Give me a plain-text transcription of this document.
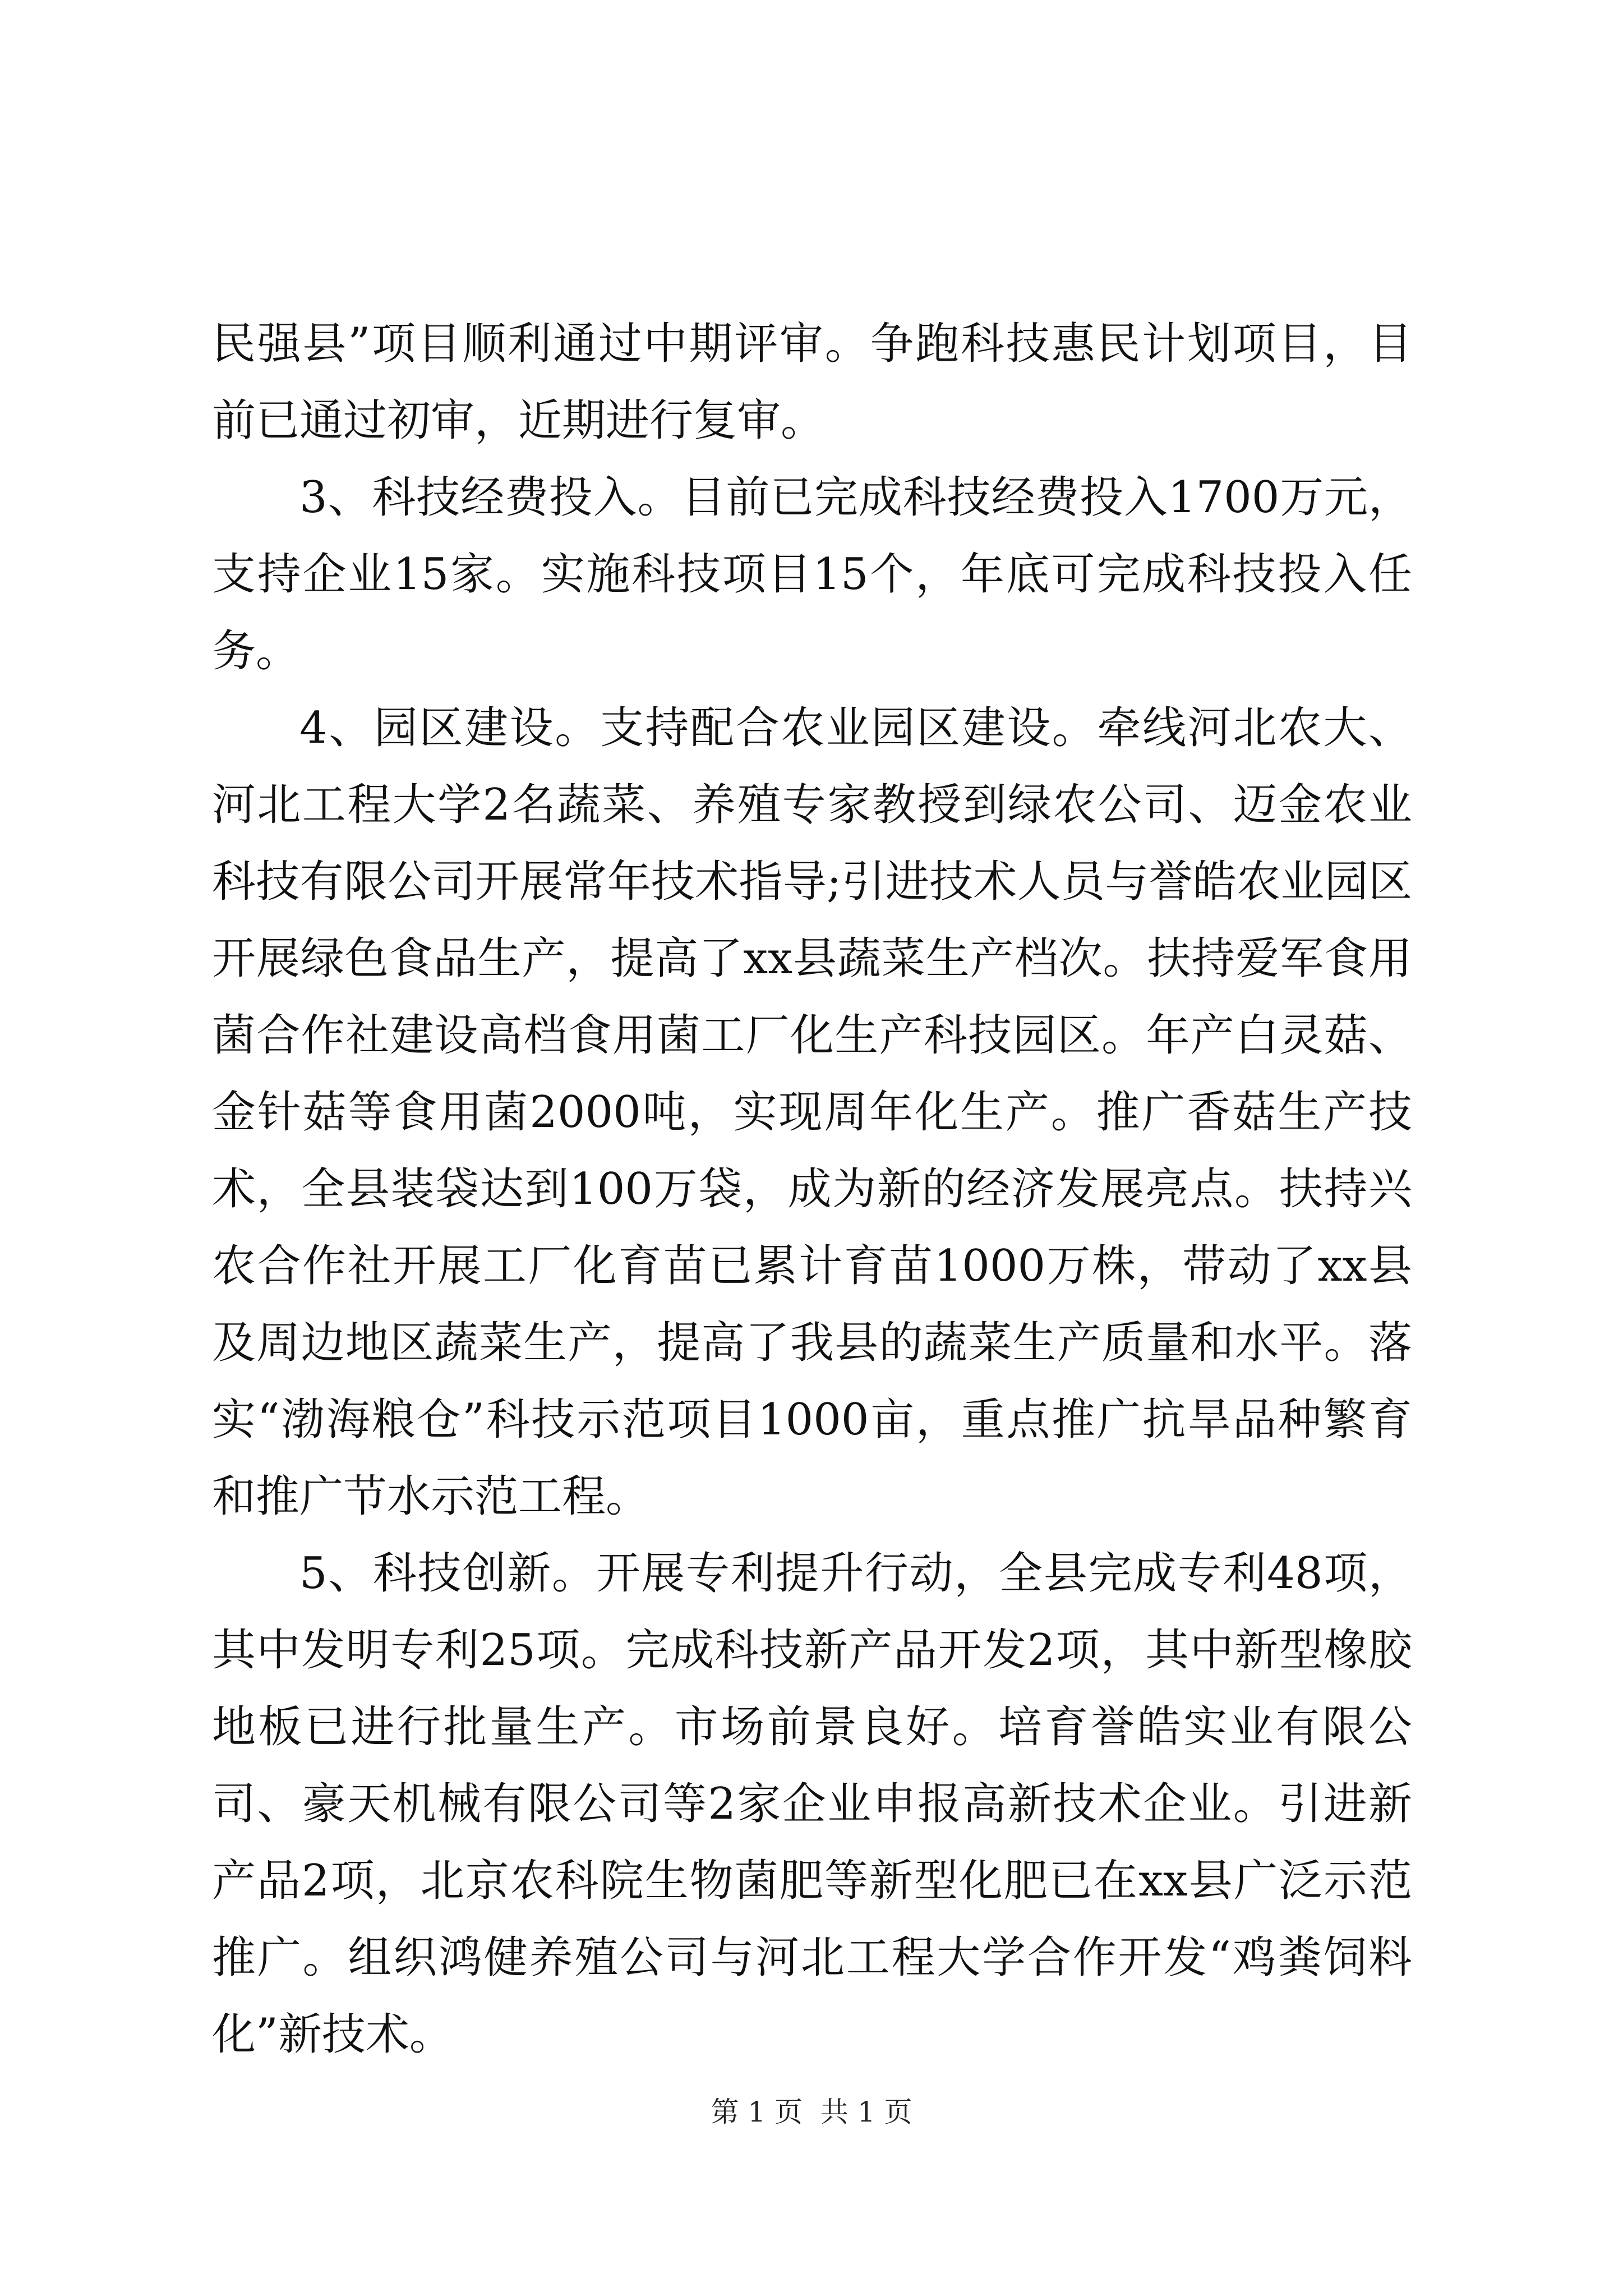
民强县”项目顺利通过中期评审。争跑科技惠民计划项目，目前已通过初审，近期进行复审。

3、科技经费投入。目前已完成科技经费投入1700万元，支持企业15家。实施科技项目15个，年底可完成科技投入任务。

4、园区建设。支持配合农业园区建设。牵线河北农大、河北工程大学2名蔬菜、养殖专家教授到绿农公司、迈金农业科技有限公司开展常年技术指导;引进技术人员与誉皓农业园区开展绿色食品生产，提高了xx县蔬菜生产档次。扶持爱军食用菌合作社建设高档食用菌工厂化生产科技园区。年产白灵菇、金针菇等食用菌2000吨，实现周年化生产。推广香菇生产技术，全县装袋达到100万袋，成为新的经济发展亮点。扶持兴农合作社开展工厂化育苗已累计育苗1000万株，带动了xx县及周边地区蔬菜生产，提高了我县的蔬菜生产质量和水平。落实“渤海粮仓”科技示范项目1000亩，重点推广抗旱品种繁育和推广节水示范工程。

5、科技创新。开展专利提升行动，全县完成专利48项，其中发明专利25项。完成科技新产品开发2项，其中新型橡胶地板已进行批量生产。市场前景良好。培育誉皓实业有限公司、豪天机械有限公司等2家企业申报高新技术企业。引进新产品2项，北京农科院生物菌肥等新型化肥已在xx县广泛示范推广。组织鸿健养殖公司与河北工程大学合作开发“鸡粪饲料化”新技术。

第 1 页  共 1 页
